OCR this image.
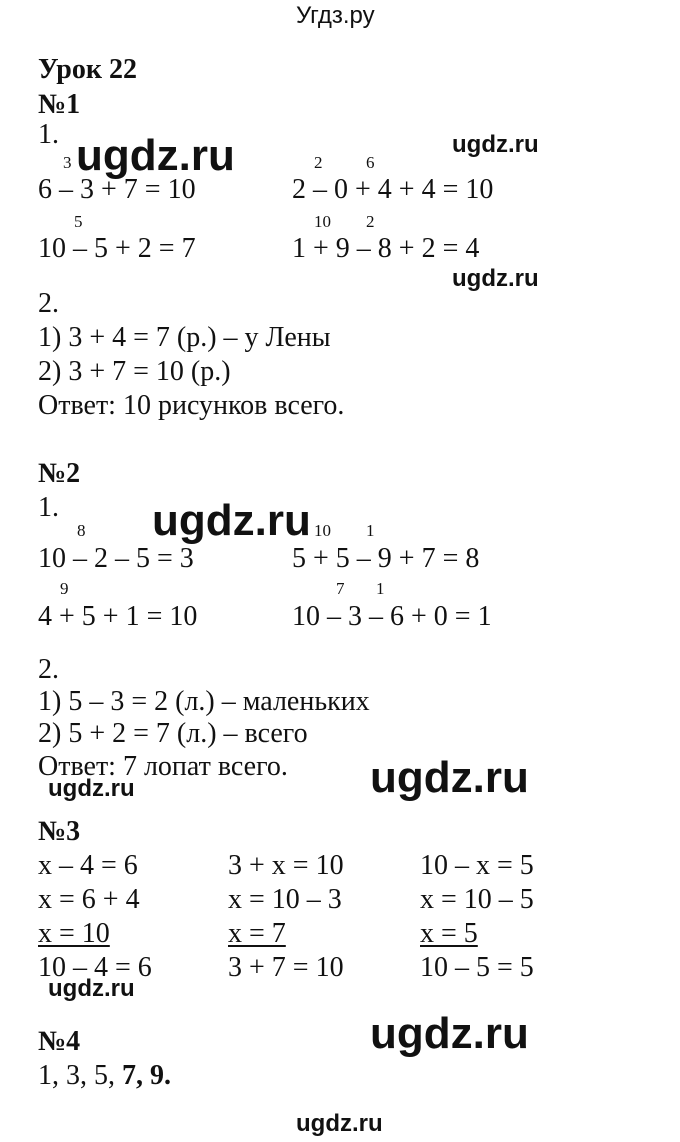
Угдз.ру
Урок 22
№1
1.
3
6 – 3 + 7 = 10
2	6
2 – 0 + 4 + 4 = 10
5
10 – 5 + 2 = 7
10 2
1 + 9 – 8 + 2 = 4
2.
1) 3 + 4 = 7 (р.) – у Лены
2) 3 + 7 = 10 (р.)
Ответ: 10 рисунков всего.
№2
1.
8
10 – 2 – 5 = 3
10 1
5 + 5 – 9 + 7 = 8
9
4 + 5 + 1 = 10
7 1
10 – 3 – 6 + 0 = 1
2.
1) 5 – 3 = 2 (л.) – маленьких
2) 5 + 2 = 7 (л.) – всего
Ответ: 7 лопат всего.
№3
x – 4 = 6
x = 6 + 4
x = 10
10 – 4 = 6
3 + x = 10
x = 10 – 3
x = 7
3 + 7 = 10
10 – x = 5
x = 10 – 5
x = 5
10 – 5 = 5
№4
1, 3, 5, 7, 9.
ugdz.ru	ugdz.ru
ugdz.ru
ugdz.ru
ugdz.ru
ugdz.ru
ugdz.ru
ugdz.ru
ugdz.ru
